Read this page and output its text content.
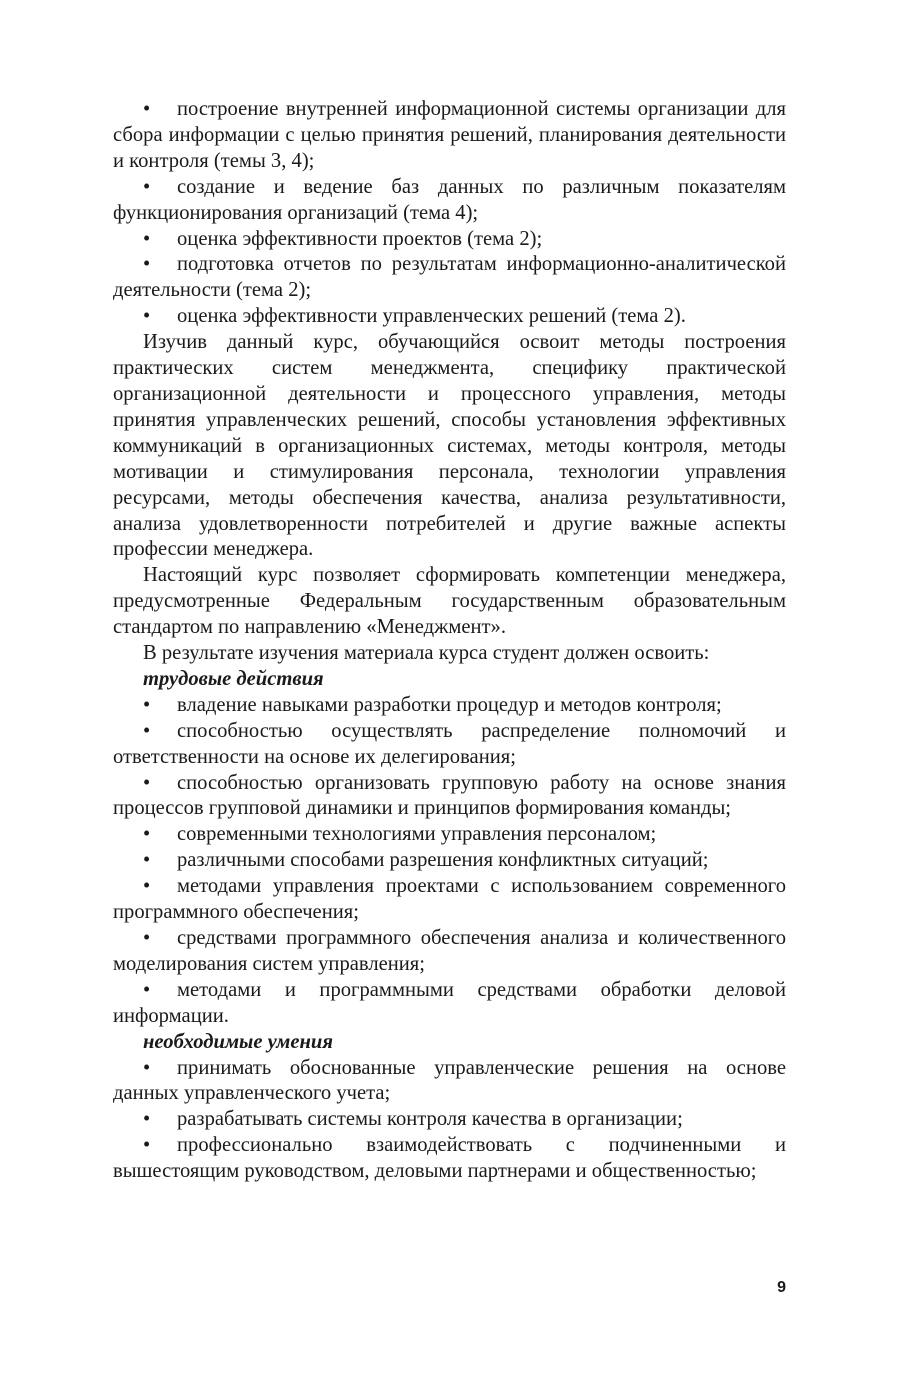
• построение внутренней информационной системы организации для сбора информации с целью принятия решений, планирования деятельности и контроля (темы 3, 4);

• создание и ведение баз данных по различным показателям функционирования организаций (тема 4);

• оценка эффективности проектов (тема 2);

• подготовка отчетов по результатам информационно-аналитической деятельности (тема 2);

• оценка эффективности управленческих решений (тема 2).

Изучив данный курс, обучающийся освоит методы построения практических систем менеджмента, специфику практической организационной деятельности и процессного управления, методы принятия управленческих решений, способы установления эффективных коммуникаций в организационных системах, методы контроля, методы мотивации и стимулирования персонала, технологии управления ресурсами, методы обеспечения качества, анализа результативности, анализа удовлетворенности потребителей и другие важные аспекты профессии менеджера.

Настоящий курс позволяет сформировать компетенции менеджера, предусмотренные Федеральным государственным образовательным стандартом по направлению «Менеджмент».

В результате изучения материала курса студент должен освоить:

трудовые действия

• владение навыками разработки процедур и методов контроля;

• способностью осуществлять распределение полномочий и ответственности на основе их делегирования;

• способностью организовать групповую работу на основе знания процессов групповой динамики и принципов формирования команды;

• современными технологиями управления персоналом;

• различными способами разрешения конфликтных ситуаций;

• методами управления проектами с использованием современного программного обеспечения;

• средствами программного обеспечения анализа и количественного моделирования систем управления;

• методами и программными средствами обработки деловой информации.

необходимые умения

• принимать обоснованные управленческие решения на основе данных управленческого учета;

• разрабатывать системы контроля качества в организации;

• профессионально взаимодействовать с подчиненными и вышестоящим руководством, деловыми партнерами и общественностью;

9
